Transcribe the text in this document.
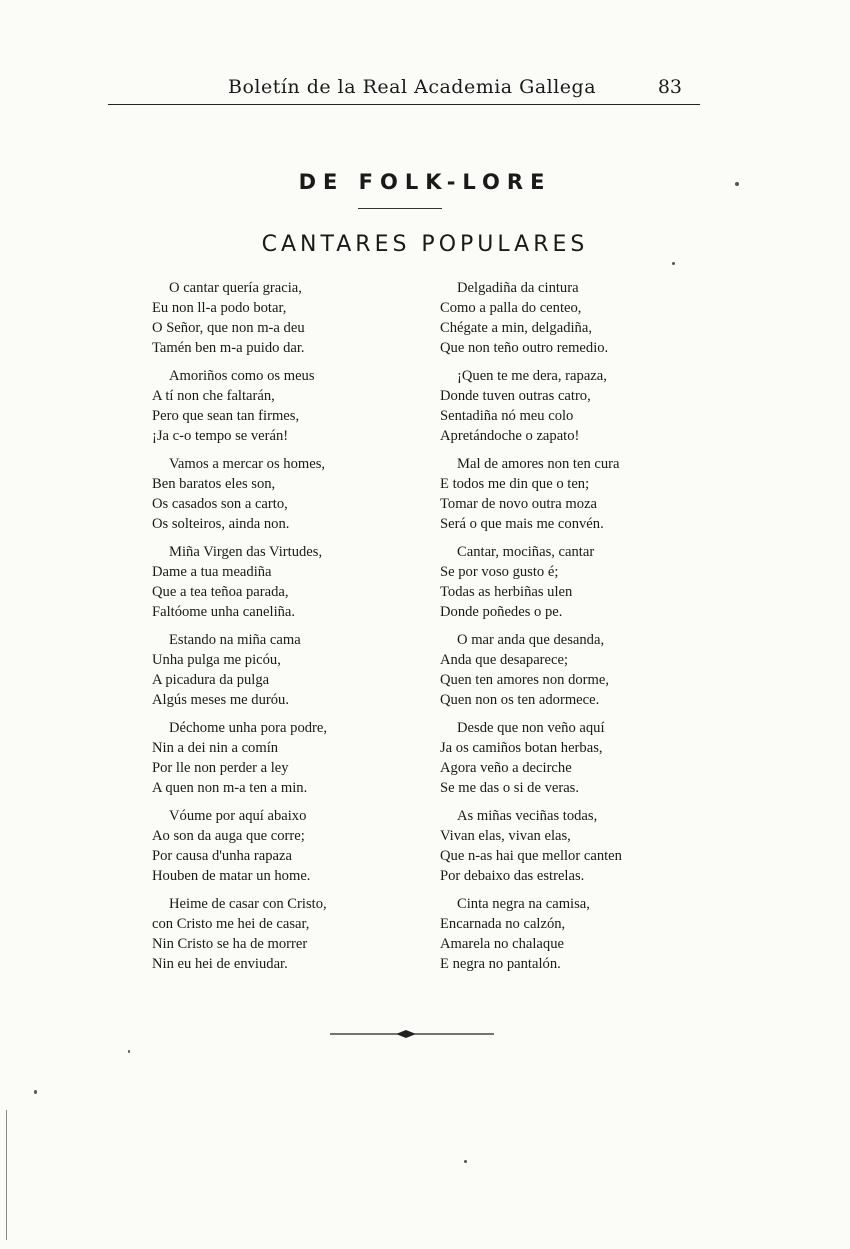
Boletín de la Real Academia Gallega	83
DE FOLK-LORE
CANTARES POPULARES
O cantar quería gracia,
Eu non ll-a podo botar,
O Señor, que non m-a deu
Tamén ben m-a puido dar.
Amoriños como os meus
A tí non che faltarán,
Pero que sean tan firmes,
¡Ja c-o tempo se verán!
Vamos a mercar os homes,
Ben baratos eles son,
Os casados son a carto,
Os solteiros, ainda non.
Miña Virgen das Virtudes,
Dame a tua meadiña
Que a tea teñoa parada,
Faltóome unha caneliña.
Estando na miña cama
Unha pulga me picóu,
A picadura da pulga
Algús meses me duróu.
Déchome unha pora podre,
Nin a dei nin a comín
Por lle non perder a ley
A quen non m-a ten a min.
Vóume por aquí abaixo
Ao son da auga que corre;
Por causa d'unha rapaza
Houben de matar un home.
Heime de casar con Cristo,
con Cristo me hei de casar,
Nin Cristo se ha de morrer
Nin eu hei de enviudar.
Delgadiña da cintura
Como a palla do centeo,
Chégate a min, delgadiña,
Que non teño outro remedio.
¡Quen te me dera, rapaza,
Donde tuven outras catro,
Sentadiña nó meu colo
Apretándoche o zapato!
Mal de amores non ten cura
E todos me din que o ten;
Tomar de novo outra moza
Será o que mais me convén.
Cantar, mociñas, cantar
Se por voso gusto é;
Todas as herbiñas ulen
Donde poñedes o pe.
O mar anda que desanda,
Anda que desaparece;
Quen ten amores non dorme,
Quen non os ten adormece.
Desde que non veño aquí
Ja os camiños botan herbas,
Agora veño a decirche
Se me das o si de veras.
As miñas veciñas todas,
Vivan elas, vivan elas,
Que n-as hai que mellor canten
Por debaixo das estrelas.
Cinta negra na camisa,
Encarnada no calzón,
Amarela no chalaque
E negra no pantalón.
